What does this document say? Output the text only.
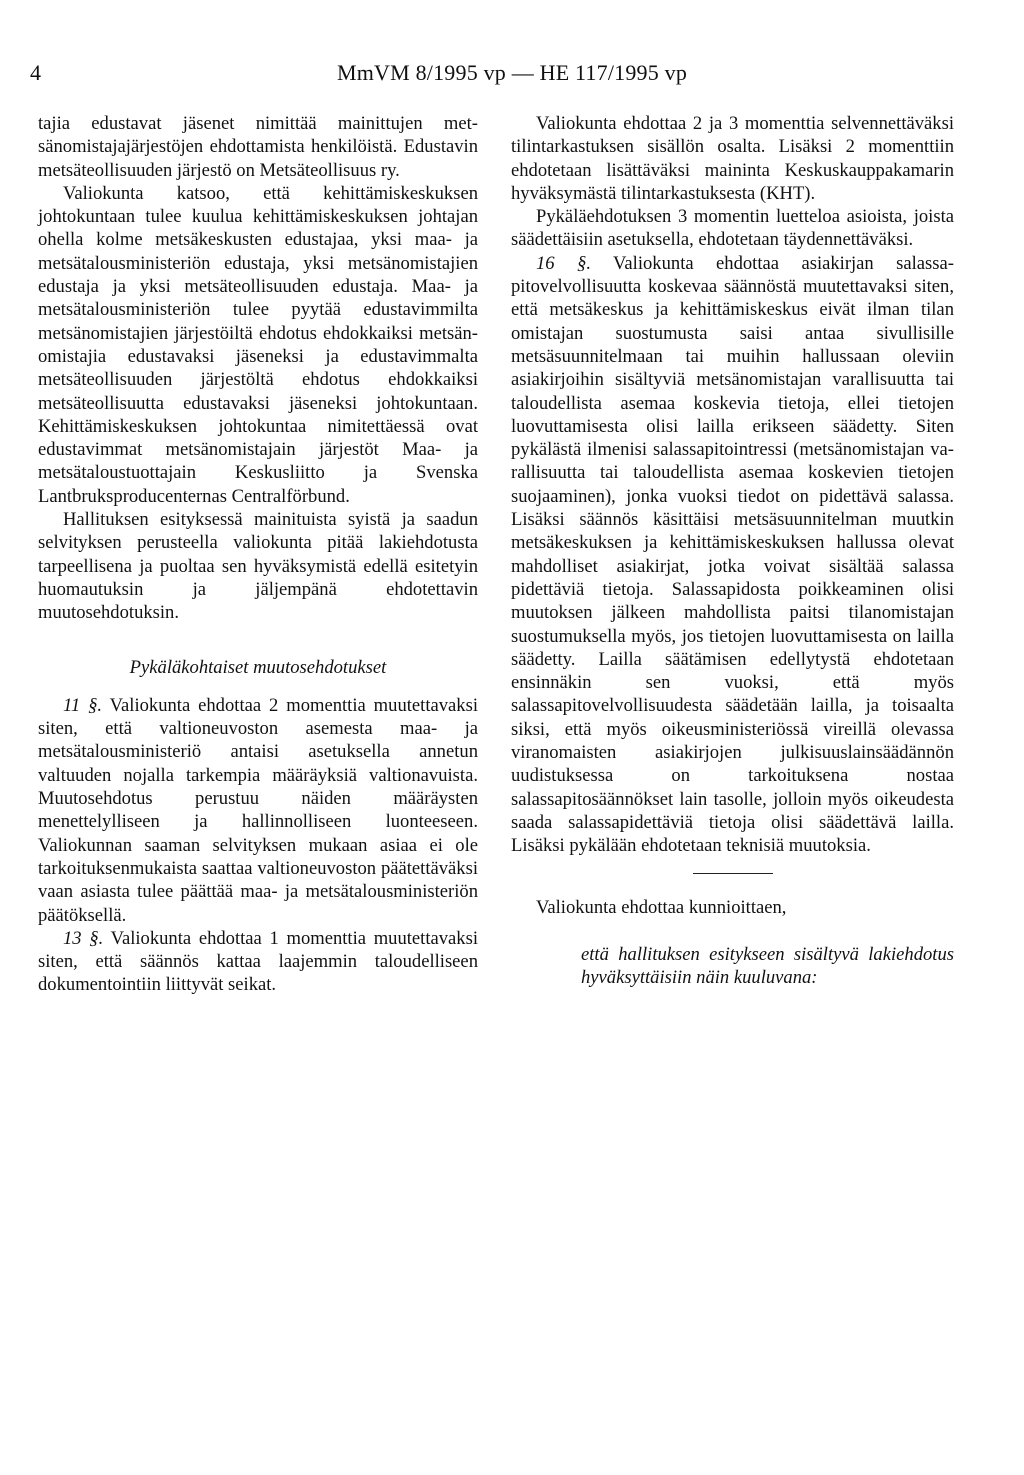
4	MmVM 8/1995 vp — HE 117/1995 vp

tajia edustavat jäsenet nimittää mainittujen metsänomistajajärjestöjen ehdottamista henkilöistä. Edustavin metsäteollisuuden järjestö on Metsäteollisuus ry.

Valiokunta katsoo, että kehittämiskeskuksen johtokuntaan tulee kuulua kehittämiskeskuksen johtajan ohella kolme metsäkeskusten edustajaa, yksi maa- ja metsätalousministeriön edustaja, yksi metsänomistajien edustaja ja yksi metsäteollisuuden edustaja. Maa- ja metsätalousministeriön tulee pyytää edustavimmilta metsänomistajien järjestöiltä ehdotus ehdokkaiksi metsänomistajia edustavaksi jäseneksi ja edustavimmalta metsäteollisuuden järjestöltä ehdotus ehdokkaiksi metsäteollisuutta edustavaksi jäseneksi johtokuntaan. Kehittämiskeskuksen johtokuntaa nimitettäessä ovat edustavimmat metsänomistajain järjestöt Maa- ja metsätaloustuottajain Keskusliitto ja Svenska Lantbruksproducenternas Centralförbund.

Hallituksen esityksessä mainituista syistä ja saadun selvityksen perusteella valiokunta pitää lakiehdotusta tarpeellisena ja puoltaa sen hyväksymistä edellä esitetyin huomautuksin ja jäljempänä ehdotettavin muutosehdotuksin.

Pykäläkohtaiset muutosehdotukset

11 §. Valiokunta ehdottaa 2 momenttia muutettavaksi siten, että valtioneuvoston asemesta maa- ja metsätalousministeriö antaisi asetuksella annetun valtuuden nojalla tarkempia määräyksiä valtionavuista. Muutosehdotus perustuu näiden määräysten menettelylliseen ja hallinnolliseen luonteeseen. Valiokunnan saaman selvityksen mukaan asiaa ei ole tarkoituksenmukaista saattaa valtioneuvoston päätettäväksi vaan asiasta tulee päättää maa- ja metsätalousministeriön päätöksellä.

13 §. Valiokunta ehdottaa 1 momenttia muutettavaksi siten, että säännös kattaa laajemmin taloudelliseen dokumentointiin liittyvät seikat.

Valiokunta ehdottaa 2 ja 3 momenttia selvennettäväksi tilintarkastuksen sisällön osalta. Lisäksi 2 momenttiin ehdotetaan lisättäväksi maininta Keskuskauppakamarin hyväksymästä tilintarkastuksesta (KHT).

Pykäläehdotuksen 3 momentin luetteloa asioista, joista säädettäisiin asetuksella, ehdotetaan täydennettäväksi.

16 §. Valiokunta ehdottaa asiakirjan salassapitovelvollisuutta koskevaa säännöstä muutettavaksi siten, että metsäkeskus ja kehittämiskeskus eivät ilman tilan omistajan suostumusta saisi antaa sivullisille metsäsuunnitelmaan tai muihin hallussaan oleviin asiakirjoihin sisältyviä metsänomistajan varallisuutta tai taloudellista asemaa koskevia tietoja, ellei tietojen luovuttamisesta olisi lailla erikseen säädetty. Siten pykälästä ilmenisi salassapitointressi (metsänomistajan varallisuutta tai taloudellista asemaa koskevien tietojen suojaaminen), jonka vuoksi tiedot on pidettävä salassa. Lisäksi säännös käsittäisi metsäsuunnitelman muutkin metsäkeskuksen ja kehittämiskeskuksen hallussa olevat mahdolliset asiakirjat, jotka voivat sisältää salassa pidettäviä tietoja. Salassapidosta poikkeaminen olisi muutoksen jälkeen mahdollista paitsi tilanomistajan suostumuksella myös, jos tietojen luovuttamisesta on lailla säädetty. Lailla säätämisen edellytystä ehdotetaan ensinnäkin sen vuoksi, että myös salassapitovelvollisuudesta säädetään lailla, ja toisaalta siksi, että myös oikeusministeriössä vireillä olevassa viranomaisten asiakirjojen julkisuuslainsäädännön uudistuksessa on tarkoituksena nostaa salassapitosäännökset lain tasolle, jolloin myös oikeudesta saada salassapidettäviä tietoja olisi säädettävä lailla. Lisäksi pykälään ehdotetaan teknisiä muutoksia.

Valiokunta ehdottaa kunnioittaen,

että hallituksen esitykseen sisältyvä lakiehdotus hyväksyttäisiin näin kuuluvana:
